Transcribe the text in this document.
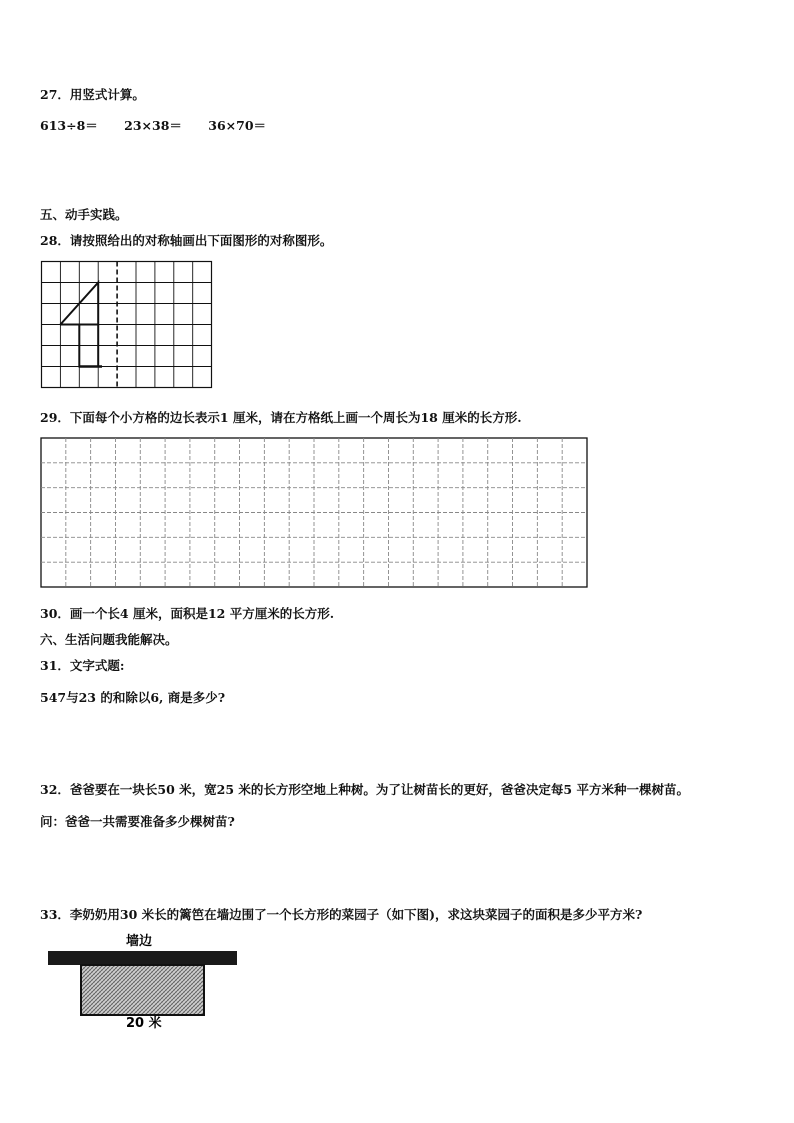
27．用竖式计算。
613÷8＝ 23×38＝ 36×70＝
五、动手实践。
28．请按照给出的对称轴画出下面图形的对称图形。
29．下面每个小方格的边长表示1 厘米，请在方格纸上画一个周长为18 厘米的长方形.
30．画一个长4 厘米，面积是12 平方厘米的长方形.
六、生活问题我能解决。
31．文字式题:
547与23 的和除以6, 商是多少?
32．爸爸要在一块长50 米，宽25 米的长方形空地上种树。为了让树苗长的更好，爸爸决定每5 平方米种一棵树苗。
问：爸爸一共需要准备多少棵树苗?
33．李奶奶用30 米长的篱笆在墙边围了一个长方形的菜园子（如下图)，求这块菜园子的面积是多少平方米?
墙边
20 米
